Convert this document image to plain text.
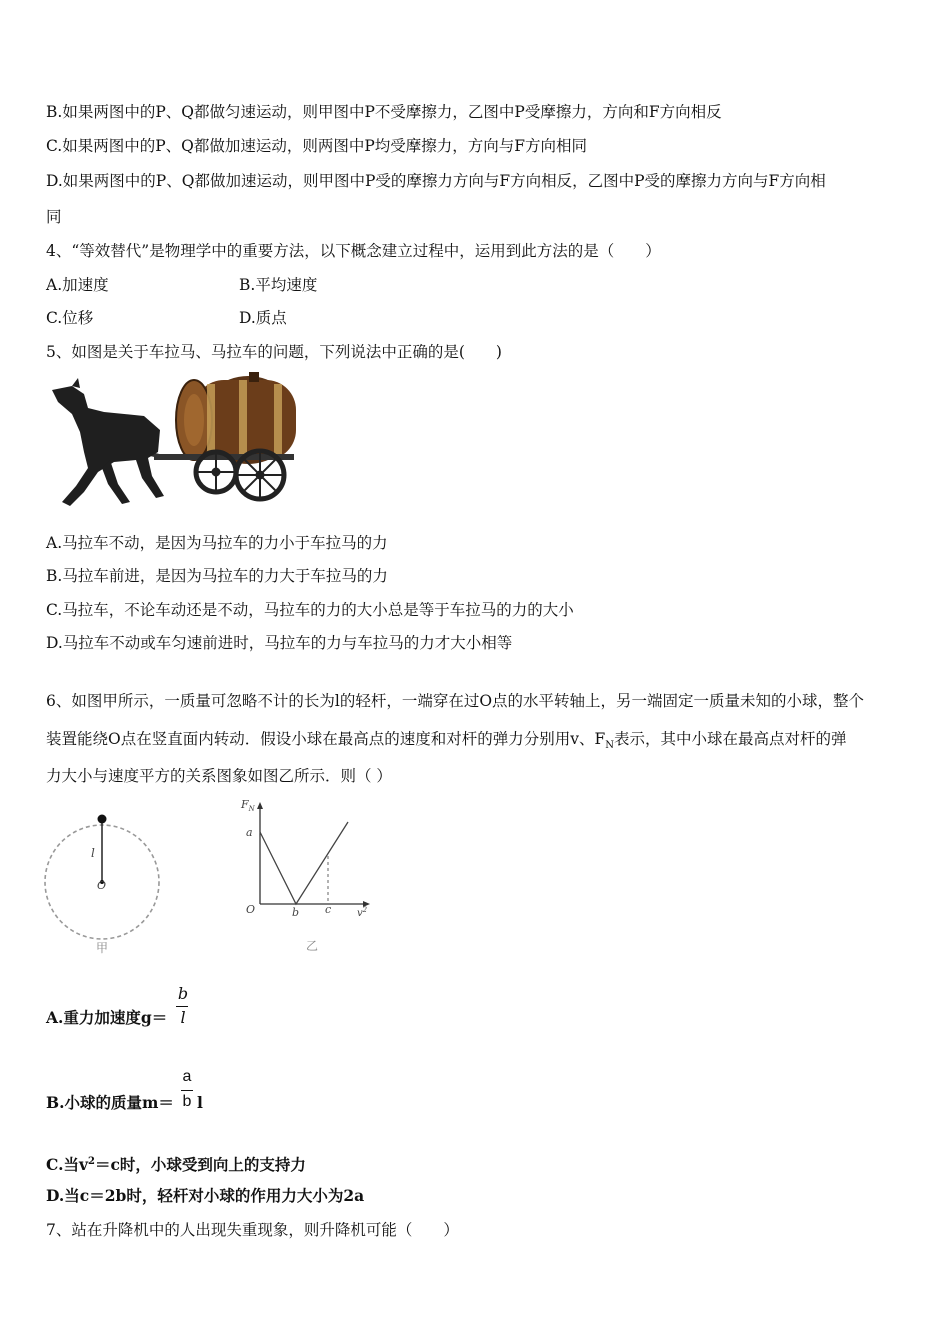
B.如果两图中的P、Q都做匀速运动，则甲图中P不受摩擦力，乙图中P受摩擦力，方向和F方向相反
C.如果两图中的P、Q都做加速运动，则两图中P均受摩擦力，方向与F方向相同
D.如果两图中的P、Q都做加速运动，则甲图中P受的摩擦力方向与F方向相反，乙图中P受的摩擦力方向与F方向相
同
4、“等效替代”是物理学中的重要方法，以下概念建立过程中，运用到此方法的是（　　）
A.加速度	B.平均速度
C.位移	D.质点
5、如图是关于车拉马、马拉车的问题，下列说法中正确的是(　　)
A.马拉车不动，是因为马拉车的力小于车拉马的力
B.马拉车前进，是因为马拉车的力大于车拉马的力
C.马拉车，不论车动还是不动，马拉车的力的大小总是等于车拉马的力的大小
D.马拉车不动或车匀速前进时，马拉车的力与车拉马的力才大小相等
6、如图甲所示，一质量可忽略不计的长为l的轻杆，一端穿在过O点的水平转轴上，另一端固定一质量未知的小球，整个
装置能绕O点在竖直面内转动．假设小球在最高点的速度和对杆的弹力分别用v、$F_N$表示，其中小球在最高点对杆的弹
力大小与速度平方的关系图象如图乙所示．则（ ）
l
O
甲
$F_N$
a
O	b c	$v^2$
乙
A.重力加速度g＝
b
l
B.小球的质量m＝
a
b l
C.当$v^2=c$时，小球受到向上的支持力
D.当c＝2b时，轻杆对小球的作用力大小为2a
7、站在升降机中的人出现失重现象，则升降机可能（　　）
